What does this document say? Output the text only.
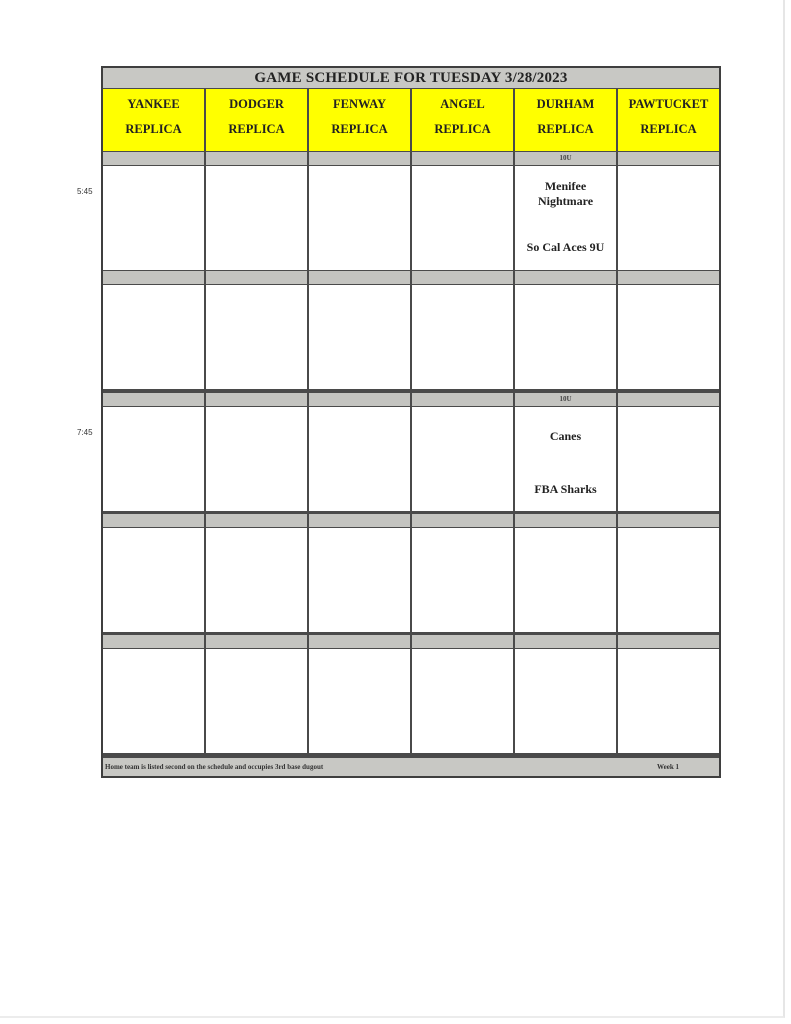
5:45
7:45
GAME SCHEDULE FOR TUESDAY 3/28/2023
YANKEE
REPLICA
DODGER
REPLICA
FENWAY
REPLICA
ANGEL
REPLICA
DURHAM
REPLICA
PAWTUCKET
REPLICA
10U
Menifee Nightmare
So Cal Aces 9U
10U
Canes
FBA Sharks
Home team is listed second on the schedule and occupies 3rd base dugout	Week 1
